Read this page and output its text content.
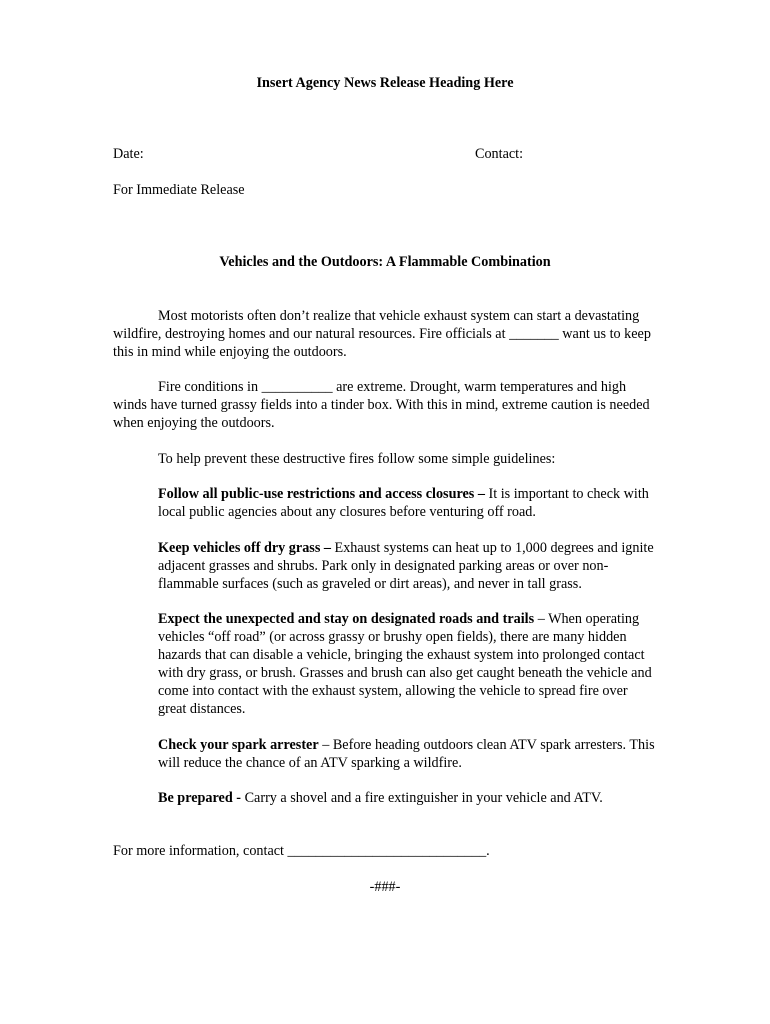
Insert Agency News Release Heading Here
Date:	Contact:
For Immediate Release
Vehicles and the Outdoors: A Flammable Combination

Most motorists often don’t realize that vehicle exhaust system can start a devastating wildfire, destroying homes and our natural resources. Fire officials at _______ want us to keep this in mind while enjoying the outdoors.

Fire conditions in __________ are extreme. Drought, warm temperatures and high winds have turned grassy fields into a tinder box. With this in mind, extreme caution is needed when enjoying the outdoors.

To help prevent these destructive fires follow some simple guidelines:

Follow all public-use restrictions and access closures – It is important to check with local public agencies about any closures before venturing off road.

Keep vehicles off dry grass – Exhaust systems can heat up to 1,000 degrees and ignite adjacent grasses and shrubs. Park only in designated parking areas or over non-flammable surfaces (such as graveled or dirt areas), and never in tall grass.

Expect the unexpected and stay on designated roads and trails – When operating vehicles “off road” (or across grassy or brushy open fields), there are many hidden hazards that can disable a vehicle, bringing the exhaust system into prolonged contact with dry grass, or brush. Grasses and brush can also get caught beneath the vehicle and come into contact with the exhaust system, allowing the vehicle to spread fire over great distances.

Check your spark arrester – Before heading outdoors clean ATV spark arresters. This will reduce the chance of an ATV sparking a wildfire.

Be prepared - Carry a shovel and a fire extinguisher in your vehicle and ATV.

For more information, contact ____________________________.
-###-
